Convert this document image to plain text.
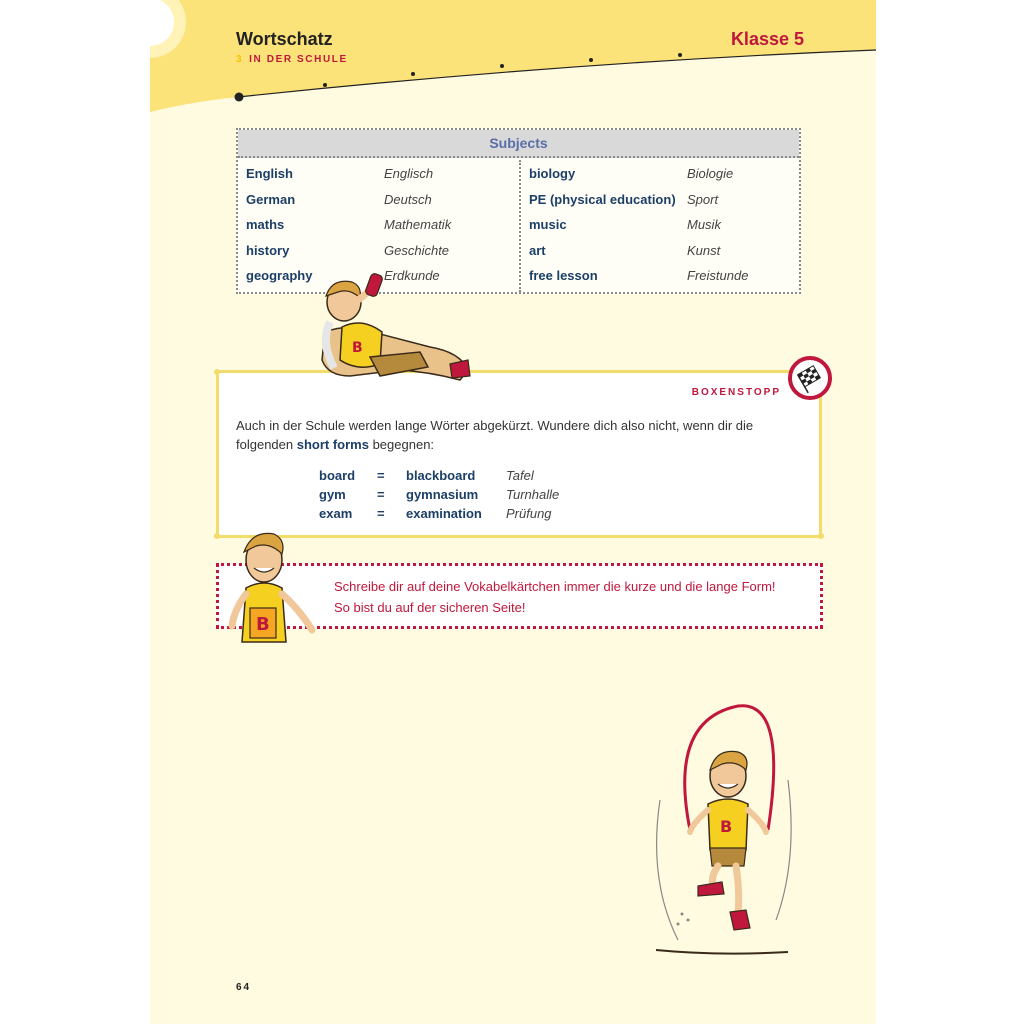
Wortschatz
3 IN DER SCHULE
Klasse 5
Subjects
English	Englisch
German	Deutsch
maths	Mathematik
history	Geschichte
geography	Erdkunde
biology	Biologie
PE (physical education) Sport
music	Musik
art	Kunst
free lesson	Freistunde
BOXENSTOPP
Auch in der Schule werden lange Wörter abgekürzt. Wundere dich also nicht, wenn dir die folgenden short forms begegnen:
board = blackboard Tafel
gym = gymnasium Turnhalle
exam = examination Prüfung
Schreibe dir auf deine Vokabelkärtchen immer die kurze und die lange Form!
So bist du auf der sicheren Seite!
B
B
B
64
